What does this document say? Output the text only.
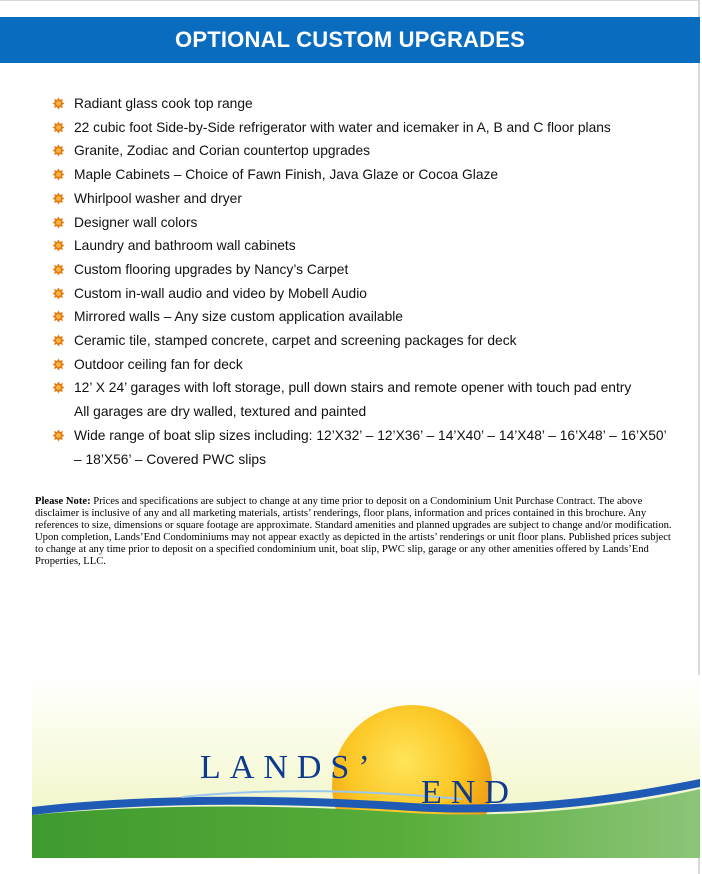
OPTIONAL CUSTOM UPGRADES
Radiant glass cook top range
22 cubic foot Side-by-Side refrigerator with water and icemaker in A, B and C floor plans
Granite, Zodiac and Corian countertop upgrades
Maple Cabinets – Choice of Fawn Finish, Java Glaze or Cocoa Glaze
Whirlpool washer and dryer
Designer wall colors
Laundry and bathroom wall cabinets
Custom flooring upgrades by Nancy’s Carpet
Custom in-wall audio and video by Mobell Audio
Mirrored walls – Any size custom application available
Ceramic tile, stamped concrete, carpet and screening packages for deck
Outdoor ceiling fan for deck
12’ X 24’ garages with loft storage, pull down stairs and remote opener with touch pad entry
All garages are dry walled, textured and painted
Wide range of boat slip sizes including: 12’X32’ – 12’X36’ – 14’X40’ – 14’X48’ – 16’X48’ – 16’X50’ – 18’X56’ – Covered PWC slips
Please Note: Prices and specifications are subject to change at any time prior to deposit on a Condominium Unit Purchase Contract. The above disclaimer is inclusive of any and all marketing materials, artists’ renderings, floor plans, information and prices contained in this brochure. Any references to size, dimensions or square footage are approximate. Standard amenities and planned upgrades are subject to change and/or modification. Upon completion, Lands’End Condominiums may not appear exactly as depicted in the artists’ renderings or unit floor plans. Published prices subject to change at any time prior to deposit on a specified condominium unit, boat slip, PWC slip, garage or any other amenities offered by Lands’End Properties, LLC.
LANDS’
END
